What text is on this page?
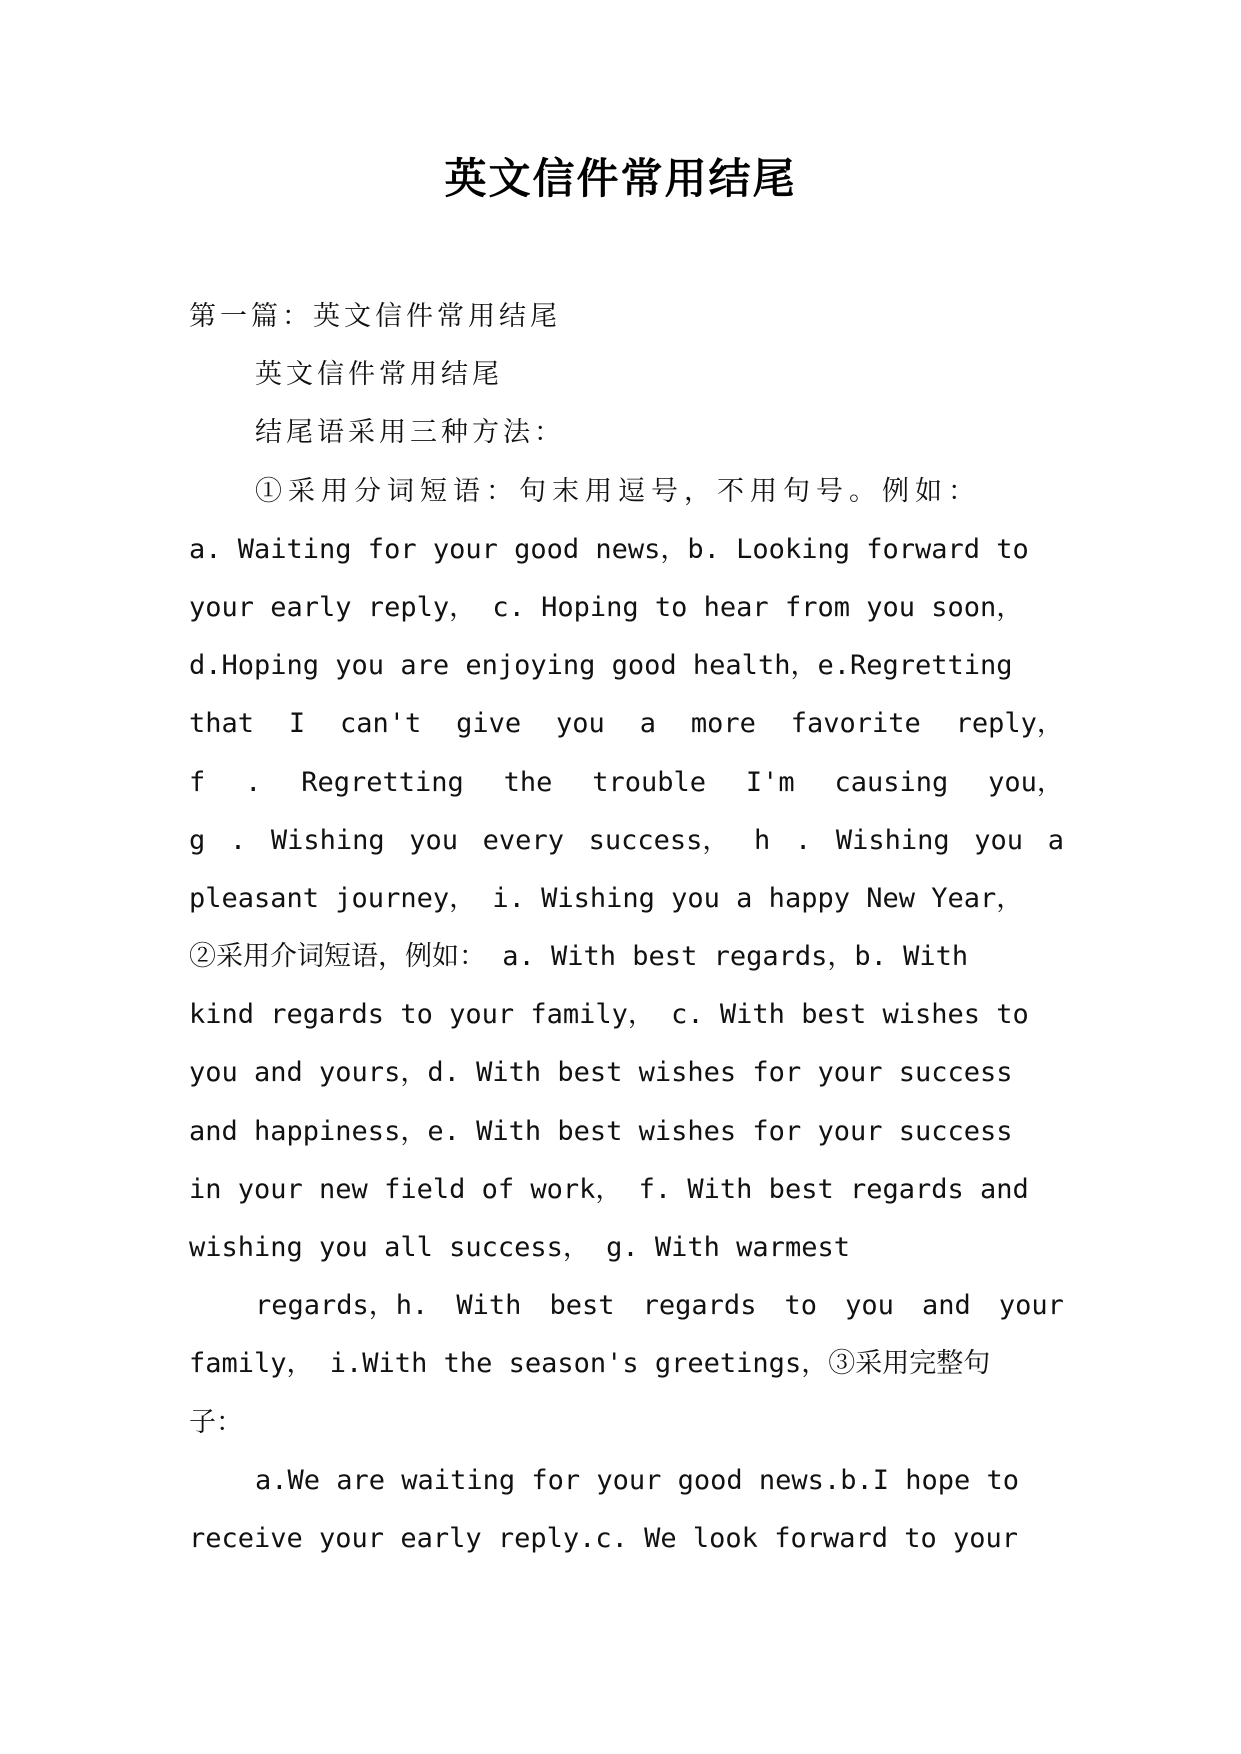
英文信件常用结尾
第一篇：英文信件常用结尾
英文信件常用结尾
结尾语采用三种方法：
①采用分词短语：句末用逗号，不用句号。例如：
a. Waiting for your good news，b. Looking forward to
your early reply， c. Hoping to hear from you soon，
d.Hoping you are enjoying good health，e.Regretting
that I can't give you a more favorite reply，
f . Regretting the trouble I'm causing you，
g . Wishing you every success， h . Wishing you a
pleasant journey， i. Wishing you a happy New Year，
②采用介词短语，例如： a. With best regards，b. With
kind regards to your family， c. With best wishes to
you and yours，d. With best wishes for your success
and happiness，e. With best wishes for your success
in your new field of work， f. With best regards and
wishing you all success， g. With warmest
regards，h. With best regards to you and your
family， i.With the season's greetings，③采用完整句
子：
a.We are waiting for your good news.b.I hope to
receive your early reply.c. We look forward to your
